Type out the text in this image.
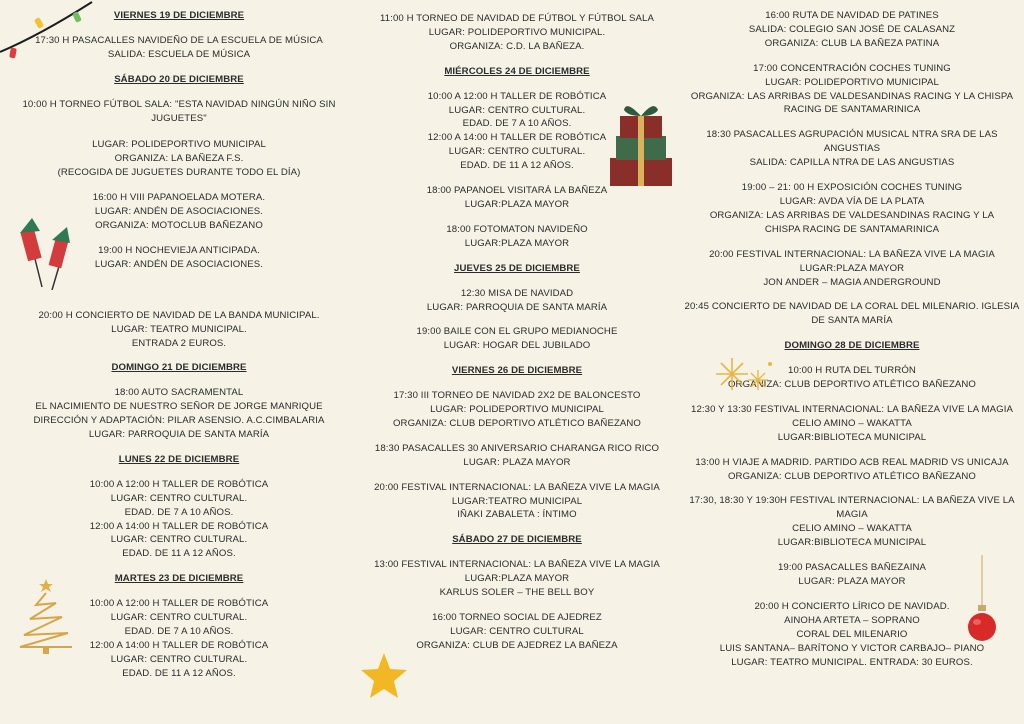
VIERNES 19 DE DICIEMBRE
17:30 H PASACALLES NAVIDEÑO DE LA ESCUELA DE MÚSICA
SALIDA: ESCUELA DE MÚSICA
SÁBADO 20 DE DICIEMBRE
10:00 H TORNEO FÚTBOL SALA: "ESTA NAVIDAD NINGÚN NIÑO SIN
JUGUETES"
LUGAR: POLIDEPORTIVO MUNICIPAL
ORGANIZA: LA BAÑEZA F.S.
(RECOGIDA DE JUGUETES DURANTE TODO EL DÍA)
16:00 H VIII PAPANOELADA MOTERA.
LUGAR: ANDÉN DE ASOCIACIONES.
ORGANIZA: MOTOCLUB BAÑEZANO
19:00 H NOCHEVIEJA ANTICIPADA.
LUGAR: ANDÉN DE ASOCIACIONES.
20:00 H CONCIERTO DE NAVIDAD DE LA BANDA MUNICIPAL.
LUGAR: TEATRO MUNICIPAL.
ENTRADA 2 EUROS.
DOMINGO 21 DE DICIEMBRE
18:00 AUTO SACRAMENTAL
EL NACIMIENTO DE NUESTRO SEÑOR DE JORGE MANRIQUE
DIRECCIÓN Y ADAPTACIÓN: PILAR ASENSIO. A.C.CIMBALARIA
LUGAR: PARROQUIA DE SANTA MARÍA
LUNES 22 DE DICIEMBRE
10:00 A 12:00 H TALLER DE ROBÓTICA
LUGAR: CENTRO CULTURAL.
EDAD. DE 7 A 10 AÑOS.
12:00 A 14:00 H TALLER DE ROBÓTICA
LUGAR: CENTRO CULTURAL.
EDAD. DE 11 A 12 AÑOS.
MARTES 23 DE DICIEMBRE
10:00 A 12:00 H TALLER DE ROBÓTICA
LUGAR: CENTRO CULTURAL.
EDAD. DE 7 A 10 AÑOS.
12:00 A 14:00 H TALLER DE ROBÓTICA
LUGAR: CENTRO CULTURAL.
EDAD. DE 11 A 12 AÑOS.
11:00 H TORNEO DE NAVIDAD DE FÚTBOL Y FÚTBOL SALA
LUGAR: POLIDEPORTIVO MUNICIPAL.
ORGANIZA: C.D. LA BAÑEZA.
MIÉRCOLES 24 DE DICIEMBRE
10:00 A 12:00 H TALLER DE ROBÓTICA
LUGAR: CENTRO CULTURAL.
EDAD. DE 7 A 10 AÑOS.
12:00 A 14:00 H TALLER DE ROBÓTICA
LUGAR: CENTRO CULTURAL.
EDAD. DE 11 A 12 AÑOS.
18:00 PAPANOEL VISITARÁ LA BAÑEZA
LUGAR:PLAZA MAYOR
18:00 FOTOMATON NAVIDEÑO
LUGAR:PLAZA MAYOR
JUEVES 25 DE DICIEMBRE
12:30 MISA DE NAVIDAD
LUGAR: PARROQUIA DE SANTA MARÍA
19:00 BAILE CON EL GRUPO MEDIANOCHE
LUGAR: HOGAR DEL JUBILADO
VIERNES 26 DE DICIEMBRE
17:30 III TORNEO DE NAVIDAD 2X2 DE BALONCESTO
LUGAR: POLIDEPORTIVO MUNICIPAL
ORGANIZA: CLUB DEPORTIVO ATLÉTICO BAÑEZANO
18:30 PASACALLES 30 ANIVERSARIO CHARANGA RICO RICO
LUGAR: PLAZA MAYOR
20:00 FESTIVAL INTERNACIONAL: LA BAÑEZA VIVE LA MAGIA
LUGAR:TEATRO MUNICIPAL
IÑAKI ZABALETA : ÍNTIMO
SÁBADO 27 DE DICIEMBRE
13:00 FESTIVAL INTERNACIONAL: LA BAÑEZA VIVE LA MAGIA
LUGAR:PLAZA MAYOR
KARLUS SOLER – THE BELL BOY
16:00 TORNEO SOCIAL DE AJEDREZ
LUGAR: CENTRO CULTURAL
ORGANIZA: CLUB DE AJEDREZ LA BAÑEZA
16:00 RUTA DE NAVIDAD DE PATINES
SALIDA: COLEGIO SAN JOSÉ DE CALASANZ
ORGANIZA: CLUB LA BAÑEZA PATINA
17:00 CONCENTRACIÓN COCHES TUNING
LUGAR: POLIDEPORTIVO MUNICIPAL
ORGANIZA: LAS ARRIBAS DE VALDESANDINAS RACING Y LA CHISPA
RACING DE SANTAMARINICA
18:30 PASACALLES AGRUPACIÓN MUSICAL NTRA SRA DE LAS
ANGUSTIAS
SALIDA: CAPILLA NTRA DE LAS ANGUSTIAS
19:00 – 21: 00 H EXPOSICIÓN COCHES TUNING
LUGAR: AVDA VÍA DE LA PLATA
ORGANIZA: LAS ARRIBAS DE VALDESANDINAS RACING Y LA
CHISPA RACING DE SANTAMARINICA
20:00 FESTIVAL INTERNACIONAL: LA BAÑEZA VIVE LA MAGIA
LUGAR:PLAZA MAYOR
JON ANDER – MAGIA ANDERGROUND
20:45 CONCIERTO DE NAVIDAD DE LA CORAL DEL MILENARIO. IGLESIA
DE SANTA MARÍA
DOMINGO 28 DE DICIEMBRE
10:00 H RUTA DEL TURRÓN
ORGANIZA: CLUB DEPORTIVO ATLÉTICO BAÑEZANO
12:30 Y 13:30 FESTIVAL INTERNACIONAL: LA BAÑEZA VIVE LA MAGIA
CELIO AMINO – WAKATTA
LUGAR:BIBLIOTECA MUNICIPAL
13:00 H VIAJE A MADRID. PARTIDO ACB REAL MADRID VS UNICAJA
ORGANIZA: CLUB DEPORTIVO ATLÉTICO BAÑEZANO
17:30, 18:30 Y 19:30H FESTIVAL INTERNACIONAL: LA BAÑEZA VIVE LA
MAGIA
CELIO AMINO – WAKATTA
LUGAR:BIBLIOTECA MUNICIPAL
19:00 PASACALLES BAÑEZAINA
LUGAR: PLAZA MAYOR
20:00 H CONCIERTO LÍRICO DE NAVIDAD.
AINOHA ARTETA – SOPRANO
CORAL DEL MILENARIO
LUIS SANTANA– BARÍTONO Y VICTOR CARBAJO– PIANO
LUGAR: TEATRO MUNICIPAL. ENTRADA: 30 EUROS.
